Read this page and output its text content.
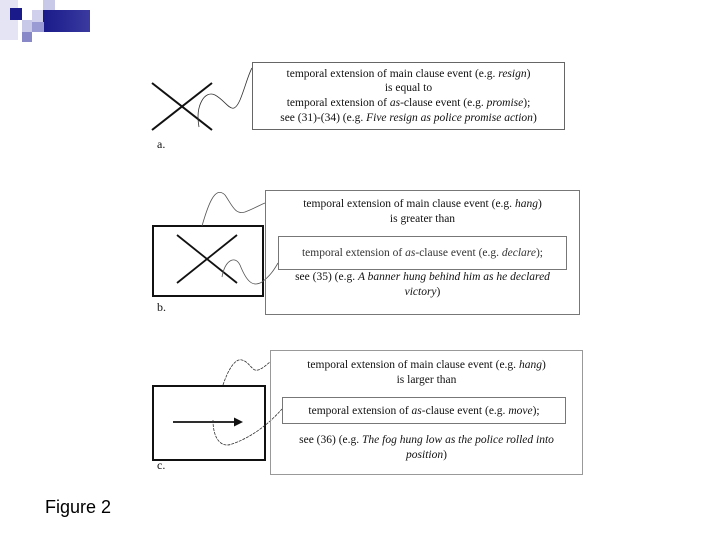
temporal extension of main clause event (e.g. resign)
is equal to
temporal extension of as-clause event (e.g. promise);
see (31)-(34) (e.g. Five resign as police promise action)
a.
temporal extension of main clause event (e.g. hang)
is greater than
see (35) (e.g. A banner hung behind him as he declared
victory)
temporal extension of as-clause event (e.g. declare);
b.
temporal extension of main clause event (e.g. hang)
is larger than
see (36) (e.g. The fog hung low as the police rolled into
position)
temporal extension of as-clause event (e.g. move);
c.
Figure 2
